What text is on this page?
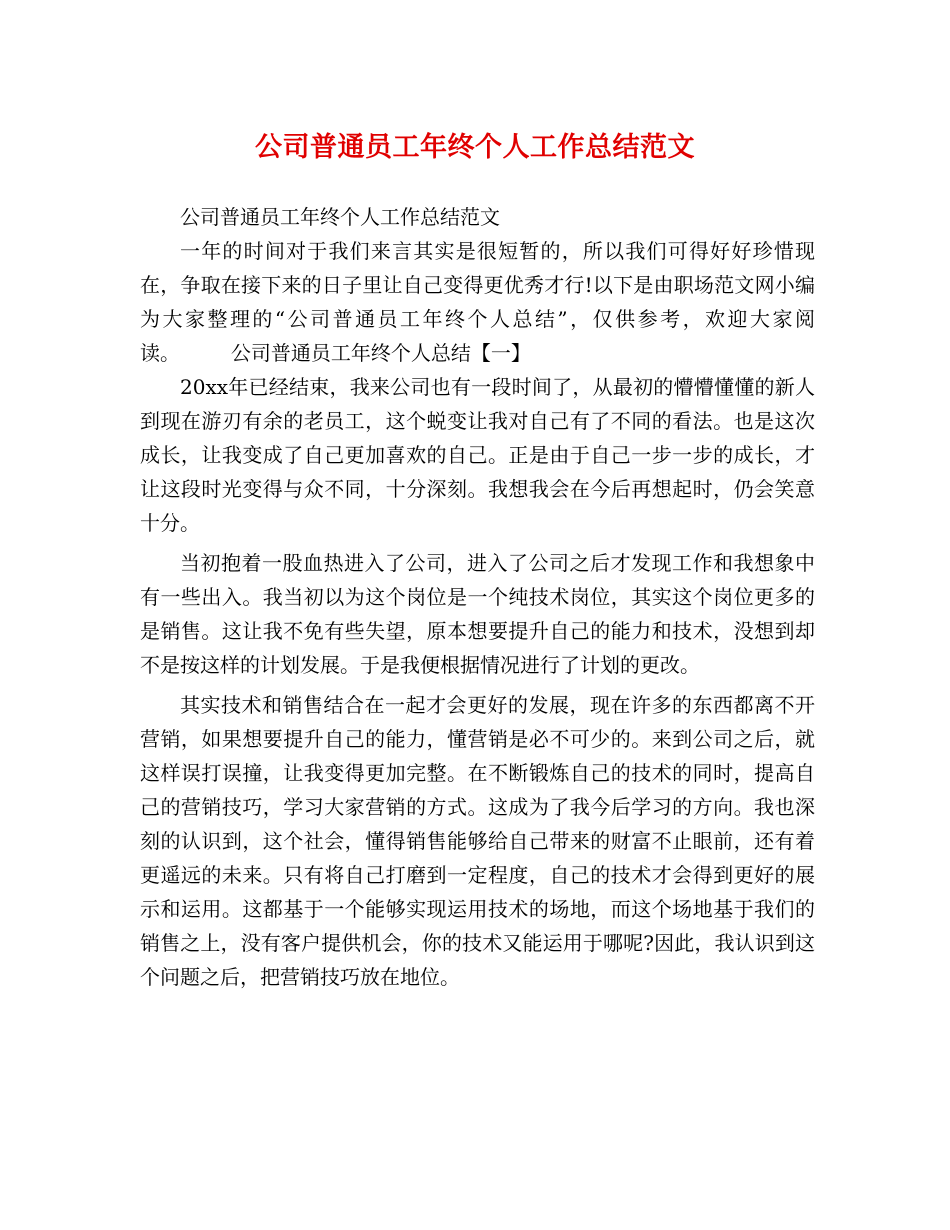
公司普通员工年终个人工作总结范文

公司普通员工年终个人工作总结范文

一年的时间对于我们来言其实是很短暂的，所以我们可得好好珍惜现在，争取在接下来的日子里让自己变得更优秀才行!以下是由职场范文网小编为大家整理的“公司普通员工年终个人总结”，仅供参考，欢迎大家阅读。	公司普通员工年终个人总结【一】

20xx年已经结束，我来公司也有一段时间了，从最初的懵懵懂懂的新人到现在游刃有余的老员工，这个蜕变让我对自己有了不同的看法。也是这次成长，让我变成了自己更加喜欢的自己。正是由于自己一步一步的成长，才让这段时光变得与众不同，十分深刻。我想我会在今后再想起时，仍会笑意十分。

当初抱着一股血热进入了公司，进入了公司之后才发现工作和我想象中有一些出入。我当初以为这个岗位是一个纯技术岗位，其实这个岗位更多的是销售。这让我不免有些失望，原本想要提升自己的能力和技术，没想到却不是按这样的计划发展。于是我便根据情况进行了计划的更改。

其实技术和销售结合在一起才会更好的发展，现在许多的东西都离不开营销，如果想要提升自己的能力，懂营销是必不可少的。来到公司之后，就这样误打误撞，让我变得更加完整。在不断锻炼自己的技术的同时，提高自己的营销技巧，学习大家营销的方式。这成为了我今后学习的方向。我也深刻的认识到，这个社会，懂得销售能够给自己带来的财富不止眼前，还有着更遥远的未来。只有将自己打磨到一定程度，自己的技术才会得到更好的展示和运用。这都基于一个能够实现运用技术的场地，而这个场地基于我们的销售之上，没有客户提供机会，你的技术又能运用于哪呢?因此，我认识到这个问题之后，把营销技巧放在地位。
